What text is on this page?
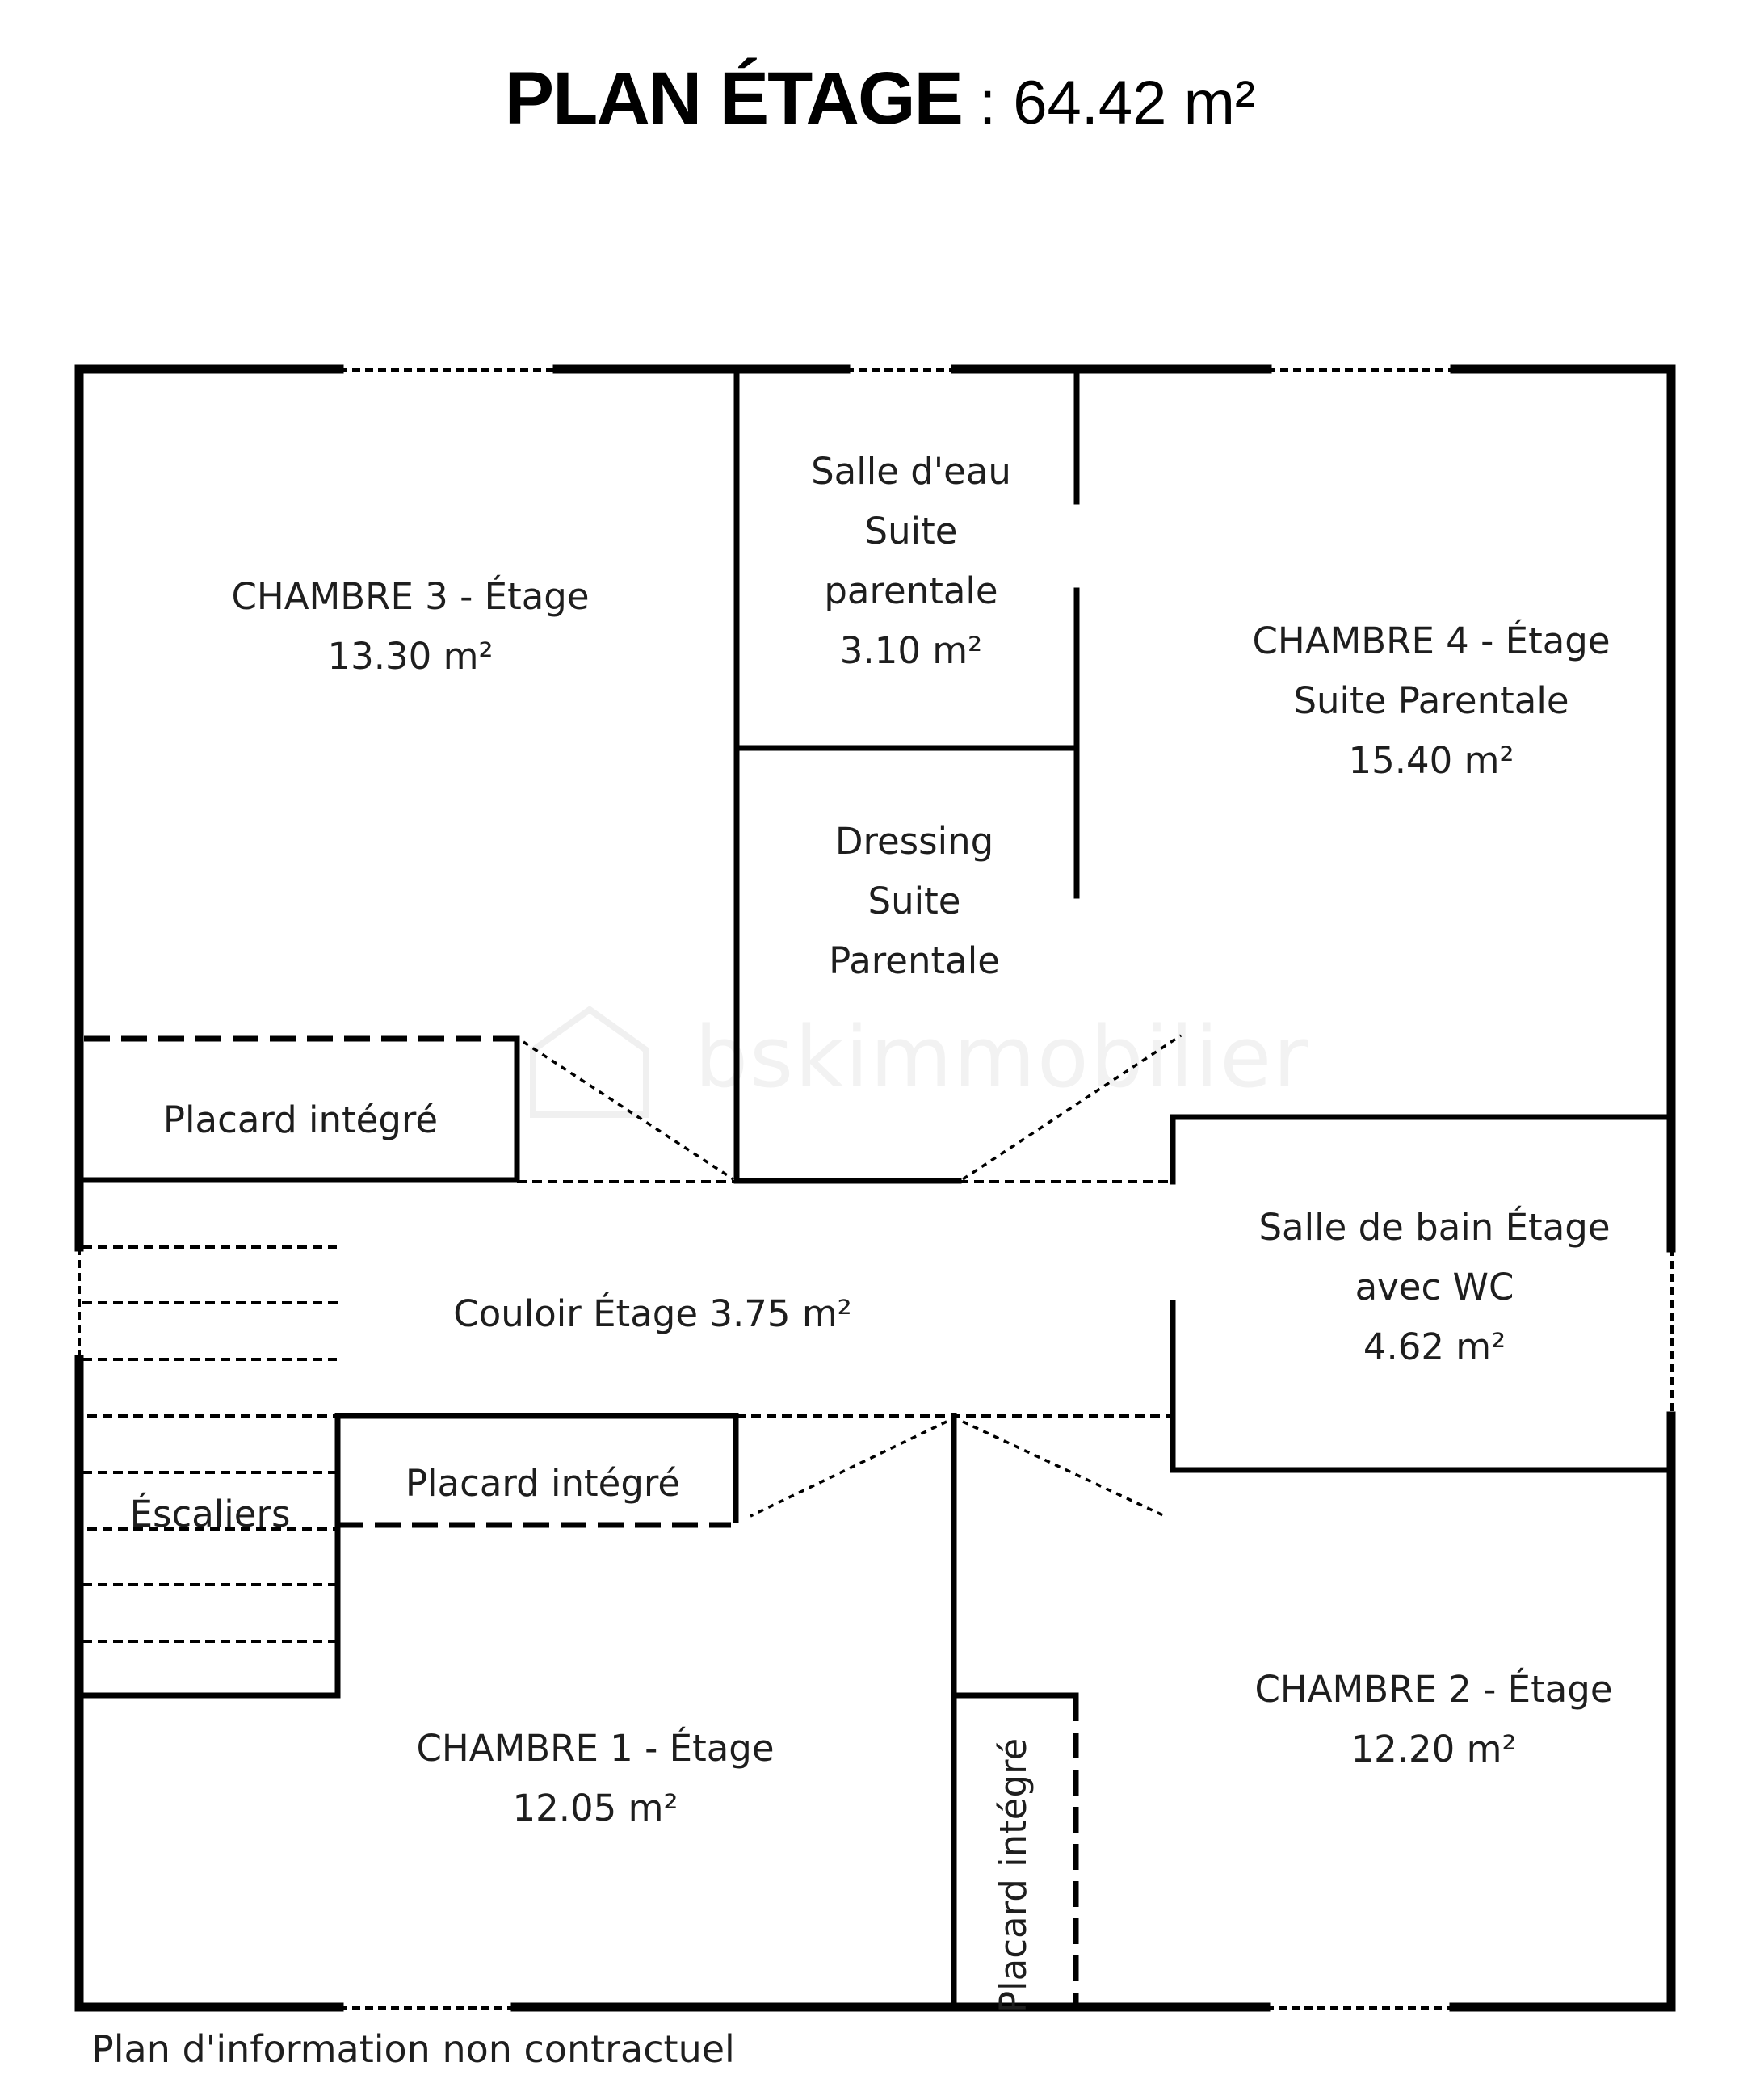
PLAN ÉTAGE : 64.42 m²
bskimmobilier
CHAMBRE 3 - Étage
13.30 m²
Salle d'eau
Suite
parentale
3.10 m²	CHAMBRE 4 - Étage
Suite Parentale
15.40 m²
Dressing
Suite
Parentale
Placard intégré
Couloir Étage 3.75 m²
Salle de bain Étage
avec WC
4.62 m²
Placard intégré
Éscaliers
CHAMBRE 1 - Étage
12.05 m²
CHAMBRE 2 - Étage
12.20 m²
Placard intégré
Plan d'information non contractuel
